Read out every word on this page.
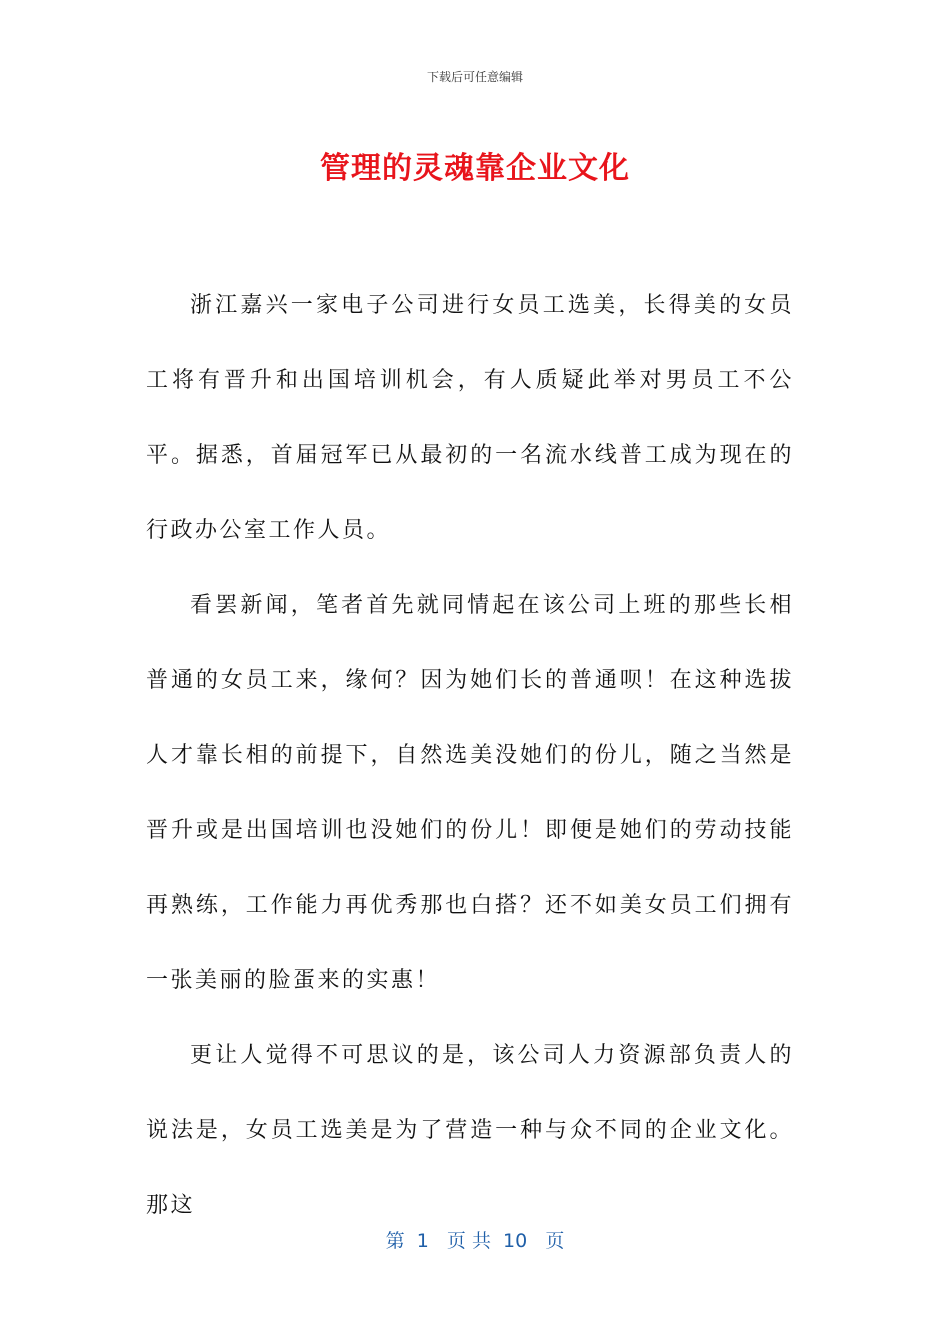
下载后可任意编辑
管理的灵魂靠企业文化

浙江嘉兴一家电子公司进行女员工选美，长得美的女员工将有晋升和出国培训机会，有人质疑此举对男员工不公平。据悉，首届冠军已从最初的一名流水线普工成为现在的行政办公室工作人员。

看罢新闻，笔者首先就同情起在该公司上班的那些长相普通的女员工来，缘何？因为她们长的普通呗！在这种选拔人才靠长相的前提下，自然选美没她们的份儿，随之当然是晋升或是出国培训也没她们的份儿！即便是她们的劳动技能再熟练，工作能力再优秀那也白搭？还不如美女员工们拥有一张美丽的脸蛋来的实惠！

更让人觉得不可思议的是，该公司人力资源部负责人的说法是，女员工选美是为了营造一种与众不同的企业文化。那这

第  1   页 共  10   页
